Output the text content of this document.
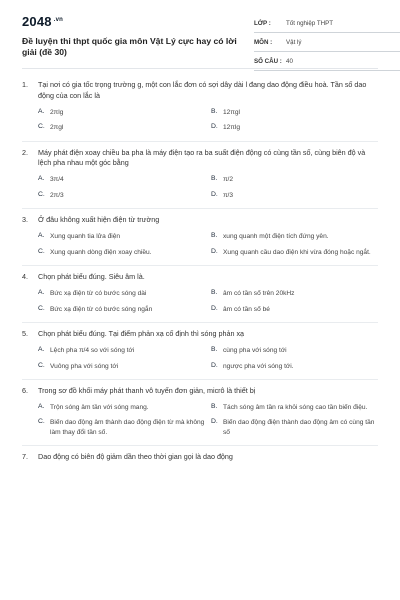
2048 $^{.vn}$
Đề luyện thi thpt quốc gia môn Vật Lý cực hay có lời giải (đề 30)
LỚP :	Tốt nghiệp THPT
MÔN :	Vật lý
SỐ CÂU : 40
1.	Tại nơi có gia tốc trọng trường g, một con lắc đơn có sợi dây dài l đang dao động điều hoà. Tần số dao động của con lắc là
A. 2πlg	B. 12πgl
C. 2πgl	D. 12πlg
2.	Máy phát điện xoay chiều ba pha là máy điện tạo ra ba suất điện động có cùng tần số, cùng biên độ và lệch pha nhau một góc bằng
A. 3π/4	B. π/2
C. 2π/3	D. π/3
3.	Ở đâu không xuất hiện điện từ trường
A. Xung quanh tia lửa điện	B. xung quanh một điện tích đứng yên.
C. Xung quanh dòng điện xoay chiều.	D. Xung quanh cầu dao điện khi vừa đóng hoặc ngắt.
4.	Chọn phát biểu đúng. Siêu âm là.
A. Bức xạ điện từ có bước sóng dài	B. âm có tần số trên 20kHz
C. Bức xạ điện từ có bước sóng ngắn	D. âm có tần số bé
5.	Chọn phát biểu đúng. Tại điểm phản xạ cố định thì sóng phản xạ
A. Lệch pha π/4 so với sóng tới	B. cùng pha với sóng tới
C. Vuông pha với sóng tới	D. ngược pha với sóng tới.
6.	Trong sơ đồ khối máy phát thanh vô tuyến đơn giản, micrô là thiết bị
A. Trộn sóng âm tần với sóng mang.	B. Tách sóng âm tần ra khỏi sóng cao tần biến điệu.
C. Biến dao động âm thành dao động điện từ mà không làm thay đổi tần số.
D. Biến dao động điện thành dao động âm có cùng tần số
7.	Dao động có biên độ giảm dần theo thời gian gọi là dao động
